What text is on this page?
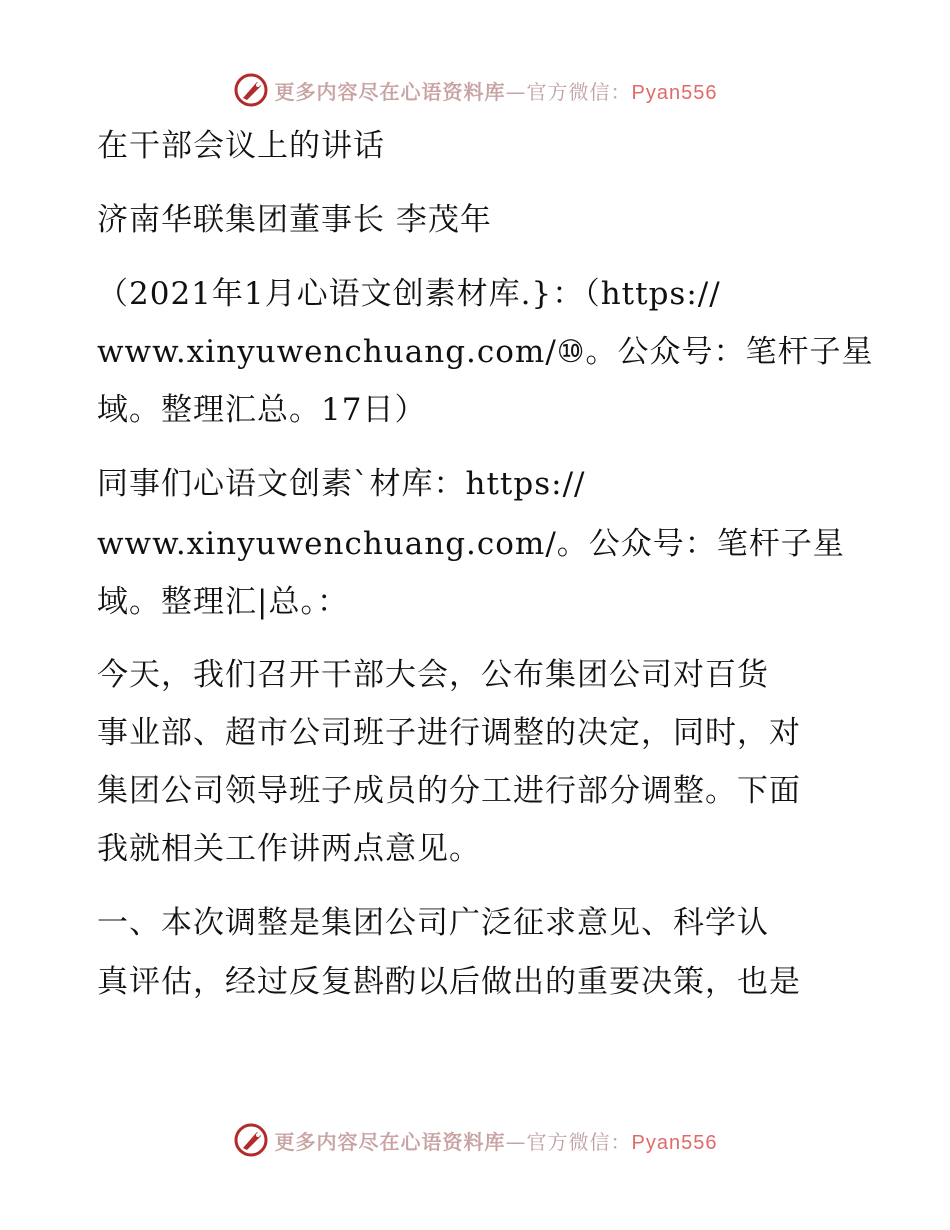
更多内容尽在心语资料库—官方微信：Pyan556
在干部会议上的讲话
济南华联集团董事长 李茂年
（2021年1月心语文创素材库.}：（https://
www.xinyuwenchuang.com/⑩。公众号：笔杆子星
域。整理汇总。17日）
同事们心语文创素`材库：https://
www.xinyuwenchuang.com/。公众号：笔杆子星
域。整理汇|总。：
今天，我们召开干部大会，公布集团公司对百货
事业部、超市公司班子进行调整的决定，同时，对
集团公司领导班子成员的分工进行部分调整。下面
我就相关工作讲两点意见。
一、本次调整是集团公司广泛征求意见、科学认
真评估，经过反复斟酌以后做出的重要决策，也是
更多内容尽在心语资料库—官方微信：Pyan556
